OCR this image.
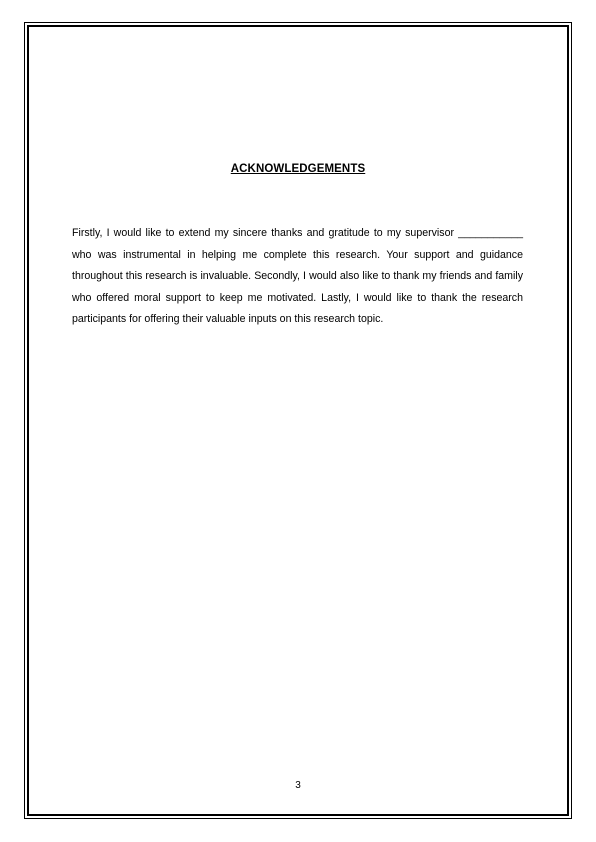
ACKNOWLEDGEMENTS

Firstly, I would like to extend my sincere thanks and gratitude to my supervisor ___________ who was instrumental in helping me complete this research. Your support and guidance throughout this research is invaluable. Secondly, I would also like to thank my friends and family who offered moral support to keep me motivated. Lastly, I would like to thank the research participants for offering their valuable inputs on this research topic.

3
